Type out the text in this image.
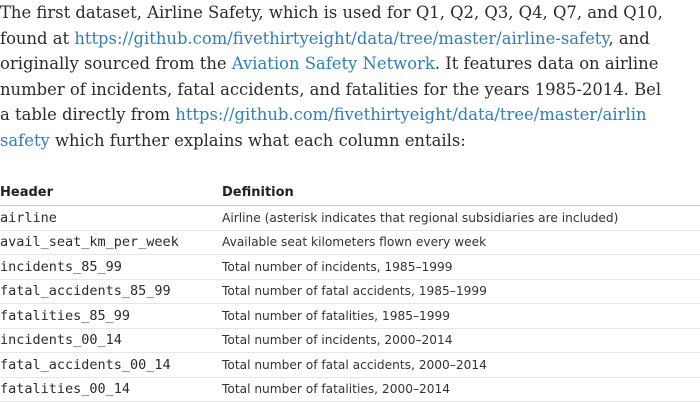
The first dataset, Airline Safety, which is used for Q1, Q2, Q3, Q4, Q7, and Q10,
found at https://github.com/fivethirtyeight/data/tree/master/airline-safety, and
originally sourced from the Aviation Safety Network. It features data on airline
number of incidents, fatal accidents, and fatalities for the years 1985-2014. Bel
a table directly from https://github.com/fivethirtyeight/data/tree/master/airlin
safety which further explains what each column entails:
Header	Definition
airline	Airline (asterisk indicates that regional subsidiaries are included)
avail_seat_km_per_week	Available seat kilometers flown every week
incidents_85_99	Total number of incidents, 1985–1999
fatal_accidents_85_99	Total number of fatal accidents, 1985–1999
fatalities_85_99	Total number of fatalities, 1985–1999
incidents_00_14	Total number of incidents, 2000–2014
fatal_accidents_00_14	Total number of fatal accidents, 2000–2014
fatalities_00_14	Total number of fatalities, 2000–2014
